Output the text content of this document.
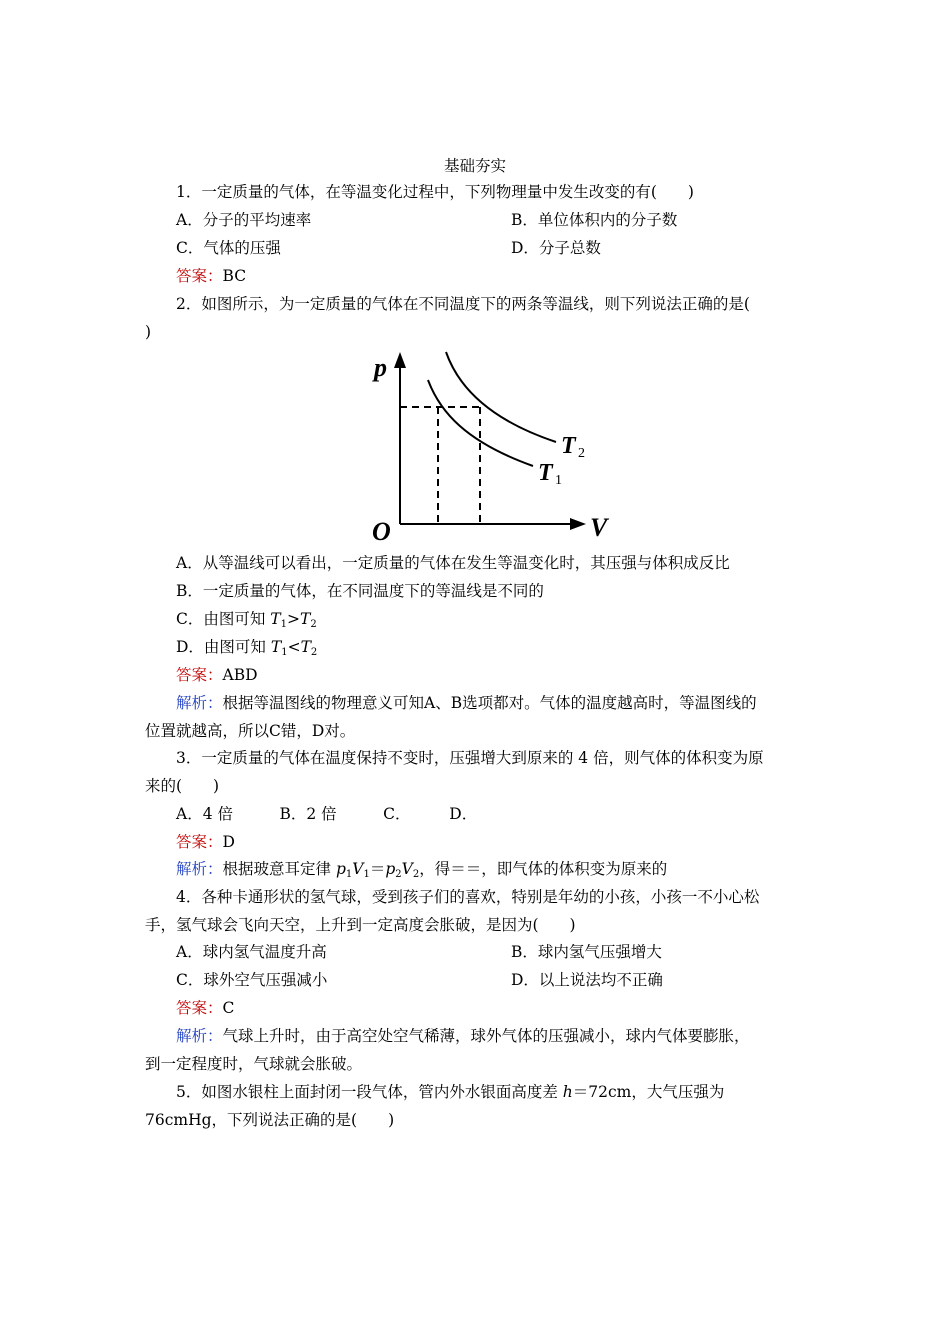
基础夯实
1．一定质量的气体，在等温变化过程中，下列物理量中发生改变的有(　　)
A．分子的平均速率	B．单位体积内的分子数
C．气体的压强	D．分子总数
答案：BC
2．如图所示，为一定质量的气体在不同温度下的两条等温线，则下列说法正确的是(
)
p
V
O
T 1
T 2
A．从等温线可以看出，一定质量的气体在发生等温变化时，其压强与体积成反比
B．一定质量的气体，在不同温度下的等温线是不同的
C．由图可知 $T_1>T_2$
D．由图可知 $T_1<T_2$
答案：ABD
解析：根据等温图线的物理意义可知A、B选项都对。气体的温度越高时，等温图线的
位置就越高，所以C错，D对。
3．一定质量的气体在温度保持不变时，压强增大到原来的 4 倍，则气体的体积变为原
来的(　　)
A．4 倍　　　B．2 倍　　　C．　　　D．
答案：D
解析：根据玻意耳定律 $p_1V_1=p_2V_2$，得＝＝，即气体的体积变为原来的
4．各种卡通形状的氢气球，受到孩子们的喜欢，特别是年幼的小孩，小孩一不小心松
手，氢气球会飞向天空，上升到一定高度会胀破，是因为(　　)
A．球内氢气温度升高	B．球内氢气压强增大
C．球外空气压强减小	D．以上说法均不正确
答案：C
解析：气球上升时，由于高空处空气稀薄，球外气体的压强减小，球内气体要膨胀，
到一定程度时，气球就会胀破。
5．如图水银柱上面封闭一段气体，管内外水银面高度差 h＝72cm，大气压强为
76cmHg，下列说法正确的是(　　)
